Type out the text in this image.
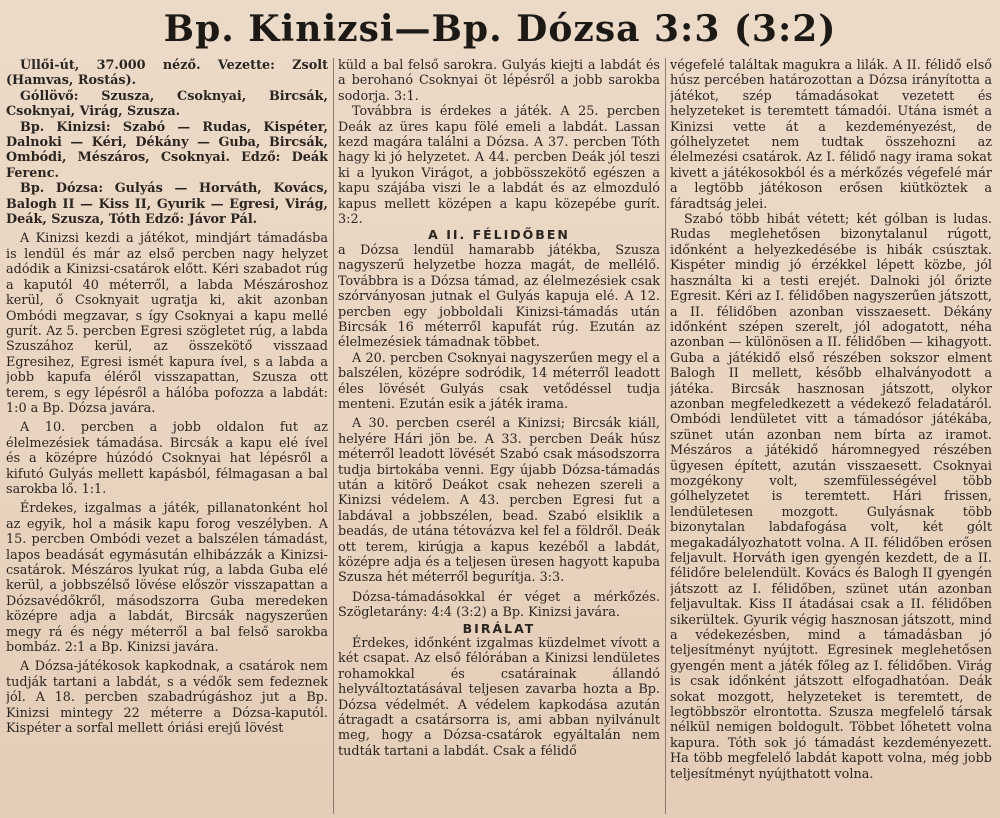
Bp. Kinizsi—Bp. Dózsa 3:3 (3:2)

Üllői-út, 37.000 néző. Vezette: Zsolt (Hamvas, Rostás).

Góllövő: Szusza, Csoknyai, Bircsák, Csoknyai, Virág, Szusza.

Bp. Kinizsi: Szabó — Rudas, Kispéter, Dalnoki — Kéri, Dékány — Guba, Bircsák, Ombódi, Mészáros, Csoknyai. Edző: Deák Ferenc.

Bp. Dózsa: Gulyás — Horváth, Kovács, Balogh II — Kiss II, Gyurik — Egresi, Virág, Deák, Szusza, Tóth Edző: Jávor Pál.

A Kinizsi kezdi a játékot, mindjárt támadásba is lendül és már az első percben nagy helyzet adódik a Kinizsi-csatárok előtt. Kéri szabadot rúg a kaputól 40 méterről, a labda Mészároshoz kerül, ő Csoknyait ugratja ki, akit azonban Ombódi megzavar, s így Csoknyai a kapu mellé gurít. Az 5. percben Egresi szögletet rúg, a labda Szuszához kerül, az összekötő visszaad Egresihez, Egresi ismét kapura ível, s a labda a jobb kapufa éléről visszapattan, Szusza ott terem, s egy lépésről a hálóba pofozza a labdát: 1:0 a Bp. Dózsa javára.

A 10. percben a jobb oldalon fut az élelmezésiek támadása. Bircsák a kapu elé ível és a középre húzódó Csoknyai hat lépésről a kifutó Gulyás mellett kapásból, félmagasan a bal sarokba lő. 1:1.

Érdekes, izgalmas a játék, pillanatonként hol az egyik, hol a másik kapu forog veszélyben. A 15. percben Ombódi vezet a balszélen támadást, lapos beadását egymásután elhibázzák a Kinizsi-csatárok. Mészáros lyukat rúg, a labda Guba elé kerül, a jobbszélső lövése először visszapattan a Dózsavédőkről, másodszorra Guba meredeken középre adja a labdát, Bircsák nagyszerűen megy rá és négy méterről a bal felső sarokba bombáz. 2:1 a Bp. Kinizsi javára.

A Dózsa-játékosok kapkodnak, a csatárok nem tudják tartani a labdát, s a védők sem fedeznek jól. A 18. percben szabadrúgáshoz jut a Bp. Kinizsi mintegy 22 méterre a Dózsa-kaputól. Kispéter a sorfal mellett óriási erejű lövést

küld a bal felső sarokra. Gulyás kiejti a labdát és a berohanó Csoknyai öt lépésről a jobb sarokba sodorja. 3:1.

Továbbra is érdekes a játék. A 25. percben Deák az üres kapu fölé emeli a labdát. Lassan kezd magára találni a Dózsa. A 37. percben Tóth hagy ki jó helyzetet. A 44. percben Deák jól teszi ki a lyukon Virágot, a jobbösszekötő egészen a kapu szájába viszi le a labdát és az elmozduló kapus mellett középen a kapu közepébe gurít. 3:2.

A II. FÉLIDŐBEN

a Dózsa lendül hamarabb játékba, Szusza nagyszerű helyzetbe hozza magát, de mellélő. Továbbra is a Dózsa támad, az élelmezésiek csak szórványosan jutnak el Gulyás kapuja elé. A 12. percben egy jobboldali Kinizsi-támadás után Bircsák 16 méterről kapufát rúg. Ezután az élelmezésiek támadnak többet.

A 20. percben Csoknyai nagyszerűen megy el a balszélen, középre sodródik, 14 méterről leadott éles lövését Gulyás csak vetődéssel tudja menteni. Ezután esik a játék irama.

A 30. percben cserél a Kinizsi; Bircsák kiáll, helyére Hári jön be. A 33. percben Deák húsz méterről leadott lövését Szabó csak másodszorra tudja birtokába venni. Egy újabb Dózsa-támadás után a kitörő Deákot csak nehezen szereli a Kinizsi védelem. A 43. percben Egresi fut a labdával a jobbszélen, bead. Szabó elsiklik a beadás, de utána tétovázva kel fel a földről. Deák ott terem, kirúgja a kapus kezéből a labdát, középre adja és a teljesen üresen hagyott kapuba Szusza hét méterről begurítja. 3:3.

Dózsa-támadásokkal ér véget a mérkőzés. Szögletarány: 4:4 (3:2) a Bp. Kinizsi javára.

BIRÁLAT

Érdekes, időnként izgalmas küzdelmet vívott a két csapat. Az első félórában a Kinizsi lendületes rohamokkal és csatárainak állandó helyváltoztatásával teljesen zavarba hozta a Bp. Dózsa védelmét. A védelem kapkodása azután átragadt a csatársorra is, ami abban nyilvánult meg, hogy a Dózsa-csatárok egyáltalán nem tudták tartani a labdát. Csak a félidő

végefelé találtak magukra a lilák. A II. félidő első húsz percében határozottan a Dózsa irányította a játékot, szép támadásokat vezetett és helyzeteket is teremtett támadói. Utána ismét a Kinizsi vette át a kezdeményezést, de gólhelyzetet nem tudtak összehozni az élelmezési csatárok. Az I. félidő nagy irama sokat kivett a játékosokból és a mérkőzés végefelé már a legtöbb játékoson erősen kiütköztek a fáradtság jelei.

Szabó több hibát vétett; két gólban is ludas. Rudas meglehetősen bizonytalanul rúgott, időnként a helyezkedésébe is hibák csúsztak. Kispéter mindig jó érzékkel lépett közbe, jól használta ki a testi erejét. Dalnoki jól őrizte Egresit. Kéri az I. félidőben nagyszerűen játszott, a II. félidőben azonban visszaesett. Dékány időnként szépen szerelt, jól adogatott, néha azonban — különösen a II. félidőben — kihagyott. Guba a játékidő első részében sokszor elment Balogh II mellett, később elhalványodott a játéka. Bircsák hasznosan játszott, olykor azonban megfeledkezett a védekező feladatáról. Ombódi lendületet vitt a támadósor játékába, szünet után azonban nem bírta az iramot. Mészáros a játékidő háromnegyed részében ügyesen épített, azután visszaesett. Csoknyai mozgékony volt, szemfülességével több gólhelyzetet is teremtett. Hári frissen, lendületesen mozgott. Gulyásnak több bizonytalan labdafogása volt, két gólt megakadályozhatott volna. A II. félidőben erősen feljavult. Horváth igen gyengén kezdett, de a II. félidőre belelendült. Kovács és Balogh II gyengén játszott az I. félidőben, szünet után azonban feljavultak. Kiss II átadásai csak a II. félidőben sikerültek. Gyurik végig hasznosan játszott, mind a védekezésben, mind a támadásban jó teljesítményt nyújtott. Egresinek meglehetősen gyengén ment a játék főleg az I. félidőben. Virág is csak időnként játszott elfogadhatóan. Deák sokat mozgott, helyzeteket is teremtett, de legtöbbször elrontotta. Szusza megfelelő társak nélkül nemigen boldogult. Többet lőhetett volna kapura. Tóth sok jó támadást kezdeményezett. Ha több megfelelő labdát kapott volna, még jobb teljesítményt nyújthatott volna.
